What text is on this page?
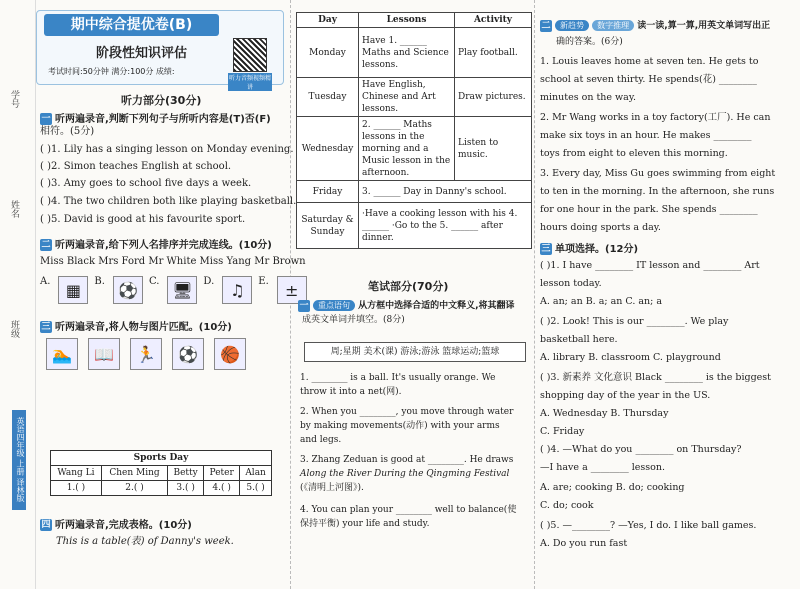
学号
姓名
班级
英语四年级 上册 译林版
期中综合提优卷(B)
阶段性知识评估
考试时间:50分钟 满分:100分 成绩:
听力音频视频精讲
听力部分(30分)
一 听两遍录音,判断下列句子与所听内容是(T)否(F)
相符。(5分)
( )1. Lily has a singing lesson on Monday evening.
( )2. Simon teaches English at school.
( )3. Amy goes to school five days a week.
( )4. The two children both like playing basketball.
( )5. David is good at his favourite sport.
二 听两遍录音,给下列人名排序并完成连线。(10分)
Miss Black Mrs Ford Mr White Miss Yang Mr Brown
A. ▦	B. ⚽	C. 🖥	D. ♫	E.	±
三 听两遍录音,将人物与图片匹配。(10分)
🏊	📖	🏃	⚽	🏀
Sports Day				
Wang Li	Chen Ming	Betty	Peter	Alan
1.( )	2.( )	3.( )	4.( )	5.( )
四 听两遍录音,完成表格。(10分)
This is a table(表) of Danny's week.
Day	Lessons	Activity
Monday	Have 1. ______ Maths and Science lessons.	Play football.
Tuesday	Have English, Chinese and Art lessons.	Draw pictures.
Wednesday	2. ______ Maths lessons in the morning and a Music lesson in the afternoon.	Listen to music.
Friday	3. ______ Day in Danny's school.	
Saturday & Sunday	·Have a cooking lesson with his 4. ______ ·Go to the 5. ______ after dinner.	
笔试部分(70分)
一 重点语句 从方框中选择合适的中文释义,将其翻译
成英文单词并填空。(8分)
周;星期 美术(课) 游泳;游泳 篮球运动;篮球
1. ________ is a ball. It's usually orange. We
throw it into a net(网).
2. When you ________, you move through water
by making movements(动作) with your arms
and legs.
3. Zhang Zeduan is good at ________. He draws
Along the River During the Qingming Festival
(《清明上河图》).
4. You can plan your ________ well to balance(使
保持平衡) your life and study.
二 新趋势 数字推理 读一读,算一算,用英文单词写出正
确的答案。(6分)
1. Louis leaves home at seven ten. He gets to
school at seven thirty. He spends(花) ________
minutes on the way.
2. Mr Wang works in a toy factory(工厂). He can
make six toys in an hour. He makes ________
toys from eight to eleven this morning.
3. Every day, Miss Gu goes swimming from eight
to ten in the morning. In the afternoon, she runs
for one hour in the park. She spends ________
hours doing sports a day.
三 单项选择。(12分)
( )1. I have ________ IT lesson and ________ Art
lesson today.
A. an; an B. a; an C. an; a
( )2. Look! This is our ________. We play
basketball here.
A. library B. classroom C. playground
( )3. 新素养 文化意识 Black ________ is the biggest
shopping day of the year in the US.
A. Wednesday B. Thursday
C. Friday
( )4. —What do you ________ on Thursday?
—I have a ________ lesson.
A. are; cooking B. do; cooking
C. do; cook
( )5. —________? —Yes, I do. I like ball games.
A. Do you run fast
